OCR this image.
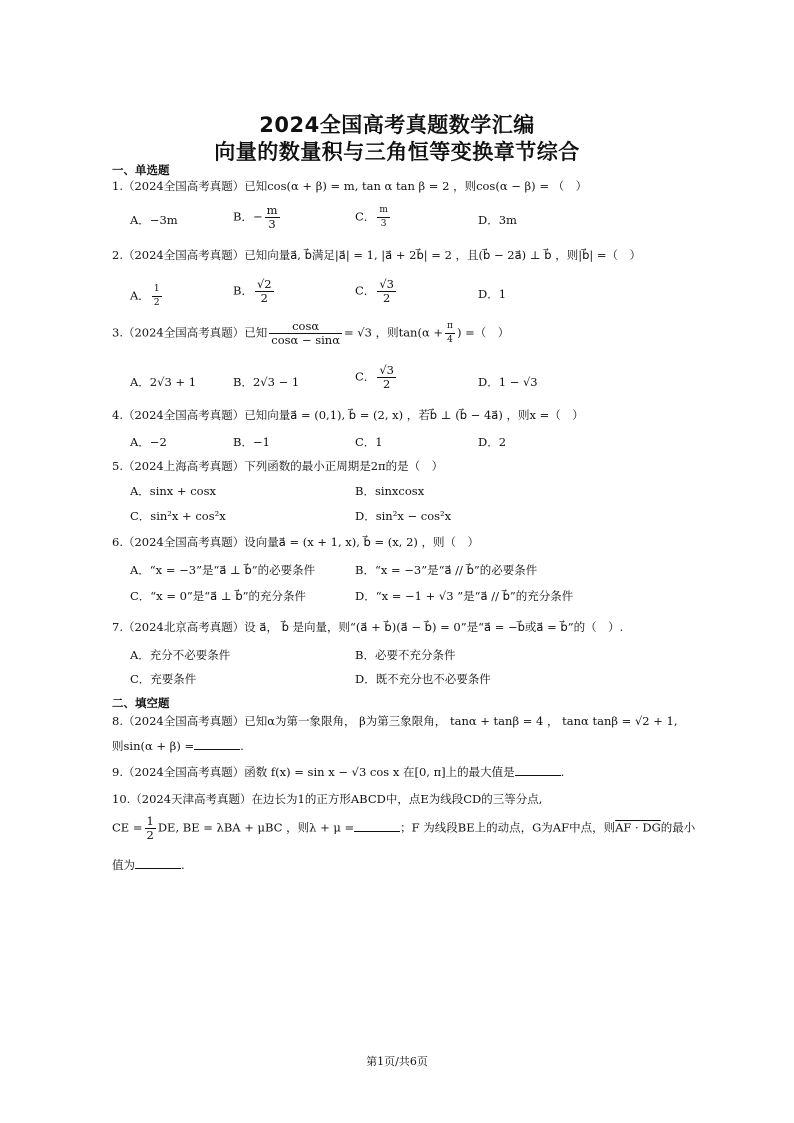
2024全国高考真题数学汇编
向量的数量积与三角恒等变换章节综合
一、单选题
1.（2024全国高考真题）已知cos(α + β) = m, tan α tan β = 2 ，则cos(α − β) = （　）
A．−3m	B．− $\frac{m}{3}$	C． $\frac{m}{3}$	D．3m
2.（2024全国高考真题）已知向量a⃗, b⃗满足|a⃗| = 1, |a⃗ + 2b⃗| = 2 ，且(b⃗ − 2a⃗) ⊥ b⃗ ，则|b⃗| =（　）
A． $\frac{1}{2}$	B． $\frac{√2}{2}$	C． $\frac{√3}{2}$	D．1
3.（2024全国高考真题）已知 $\frac{\cos\alpha}{\cos\alpha - \sin\alpha} = √3$ ，则$\tan(\alpha + \frac{\pi}{4}$ ) =（　）
A．2√3 + 1	B．2√3 − 1	C． $\frac{√3}{2}$	D．1 − √3
4.（2024全国高考真题）已知向量a⃗ = (0,1), b⃗ = (2, x) ，若b⃗ ⊥ (b⃗ − 4a⃗) ，则x =（　）
A．−2	B．−1	C．1	D．2
5.（2024上海高考真题）下列函数的最小正周期是2π的是（　）
A．sinx + cosx	B．sinxcosx
C．sin²x + cos²x	D．sin²x − cos²x
6.（2024全国高考真题）设向量a⃗ = (x + 1, x), b⃗ = (x, 2) ，则（　）
A．“x = −3”是“a⃗ ⊥ b⃗”的必要条件	B．“x = −3”是“a⃗ // b⃗”的必要条件
C．“x = 0”是“a⃗ ⊥ b⃗”的充分条件	D．“x = −1 + √3 ”是“a⃗ // b⃗”的充分条件
7.（2024北京高考真题）设 a⃗， b⃗ 是向量，则“(a⃗ + b⃗)(a⃗ − b⃗) = 0”是“a⃗ = −b⃗或a⃗ = b⃗”的（　）.
A．充分不必要条件	B．必要不充分条件
C．充要条件	D．既不充分也不必要条件
二、填空题
8.（2024全国高考真题）已知α为第一象限角， β为第三象限角， tanα + tanβ = 4 ， tanα tanβ = √2 + 1,
则sin(α + β) =	.
9.（2024全国高考真题）函数 f(x) = sin x − √3 cos x 在[0, π]上的最大值是	.
10.（2024天津高考真题）在边长为1的正方形ABCD中，点E为线段CD的三等分点,
CE = $\frac{1}{2}$ DE, BE = λBA + μBC ，则λ + μ =	；F 为线段BE上的动点，G为AF中点，则AF · DG的最小
值为	.
第1页/共6页
